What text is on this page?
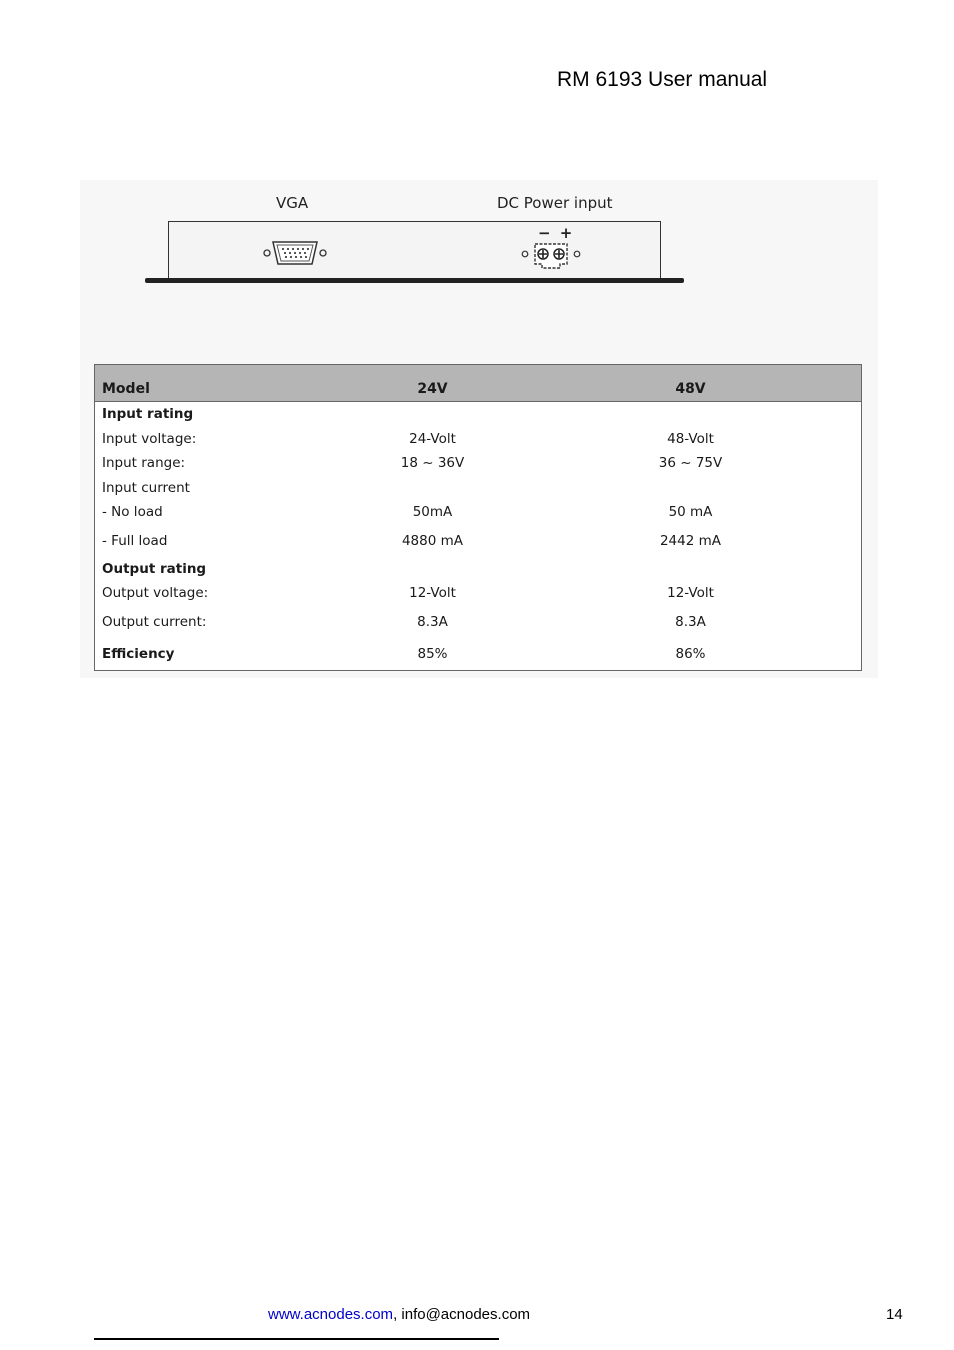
RM 6193 User manual
VGA	DC Power input
− +
Model	24V	48V
Input rating		
Input voltage:	24-Volt	48-Volt
Input range:	18 ~ 36V	36 ~ 75V
Input current		
- No load	50mA	50 mA
- Full load	4880 mA	2442 mA
Output rating		
Output voltage:	12-Volt	12-Volt
Output current:	8.3A	8.3A
Efficiency	85%	86%
www.acnodes.com, info@acnodes.com	14
